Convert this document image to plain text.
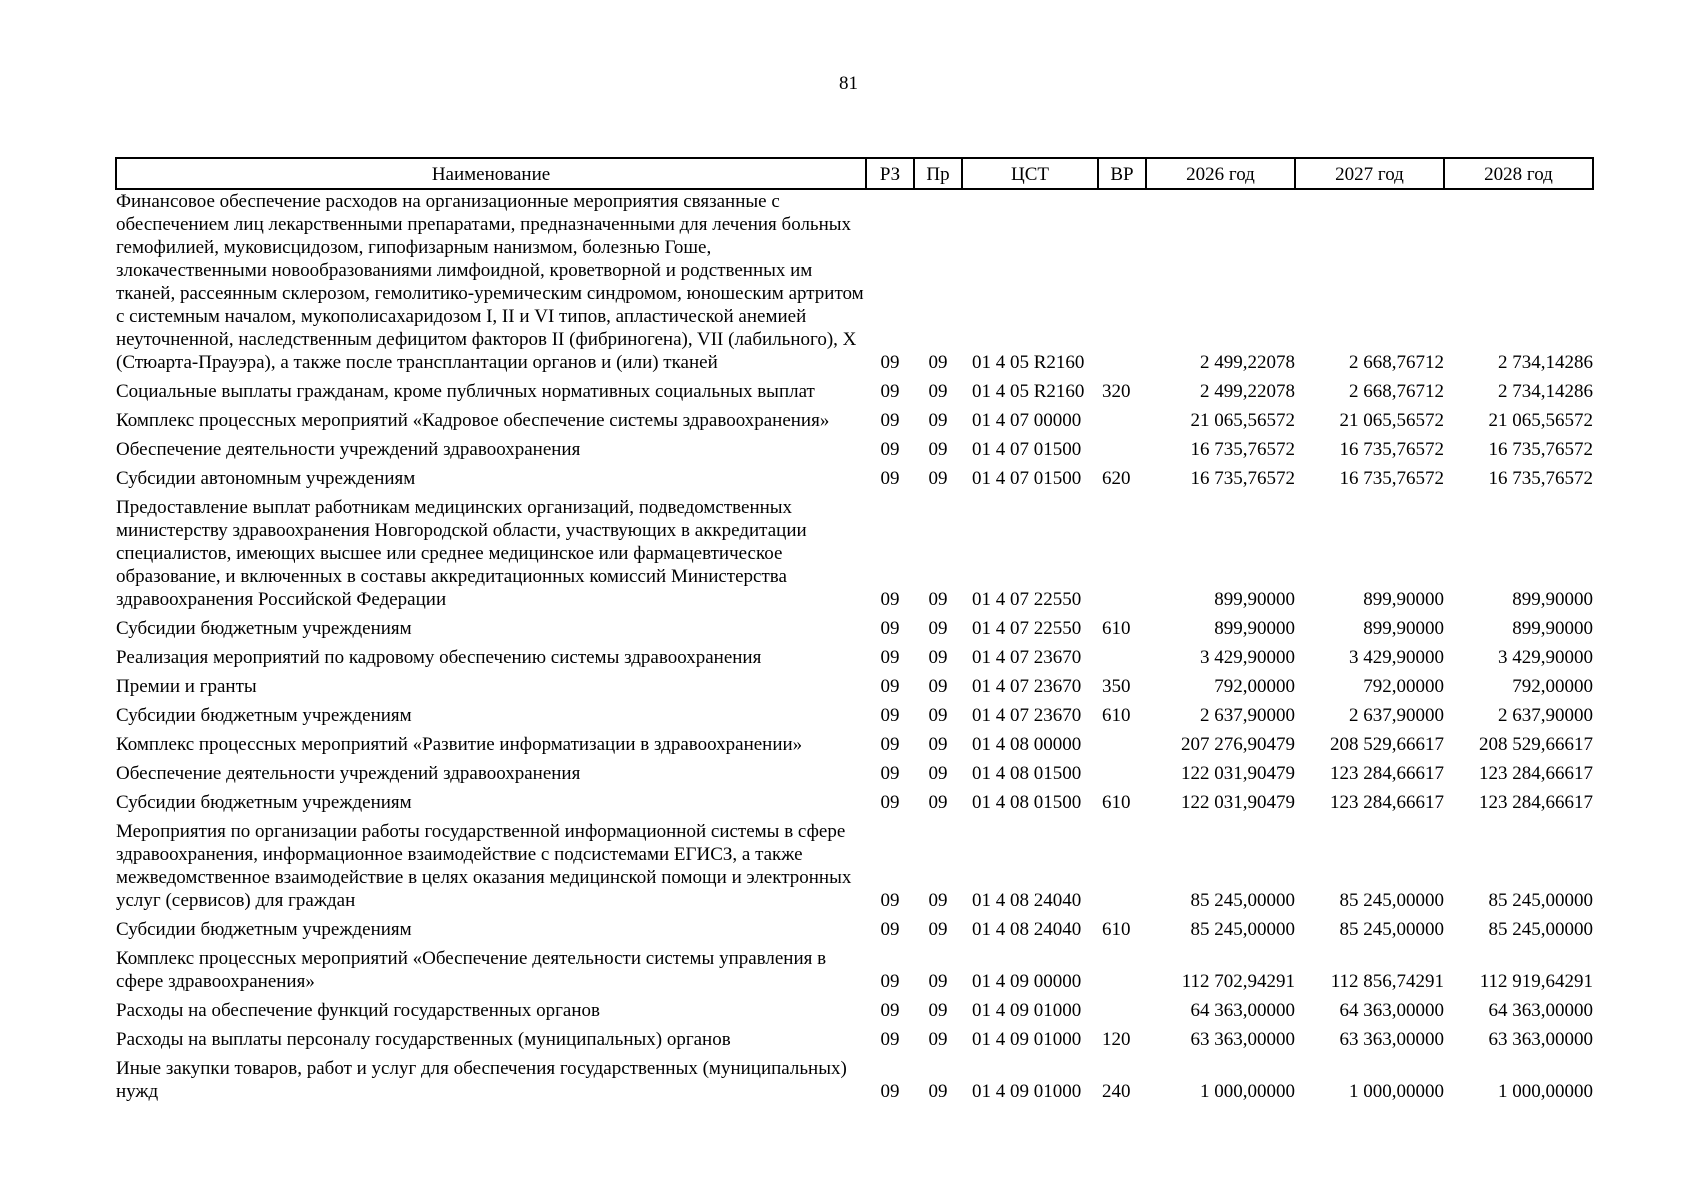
81
Наименование	РЗ	Пр	ЦСТ	ВР	2026 год	2027 год	2028 год
Финансовое обеспечение расходов на организационные мероприятия связанные с обеспечением лиц лекарственными препаратами, предназначенными для лечения больных гемофилией, муковисцидозом, гипофизарным нанизмом, болезнью Гоше, злокачественными новообразованиями лимфоидной, кроветворной и родственных им тканей, рассеянным склерозом, гемолитико-уремическим синдромом, юношеским артритом с системным началом, мукополисахаридозом I, II и VI типов, апластической анемией неуточненной, наследственным дефицитом факторов II (фибриногена), VII (лабильного), X (Стюарта-Прауэра), а также после трансплантации органов и (или) тканей	09	09	01 4 05 R2160		2 499,22078	2 668,76712	2 734,14286
Социальные выплаты гражданам, кроме публичных нормативных социальных выплат	09	09	01 4 05 R2160	320	2 499,22078	2 668,76712	2 734,14286
Комплекс процессных мероприятий «Кадровое обеспечение системы здравоохранения»	09	09	01 4 07 00000		21 065,56572	21 065,56572	21 065,56572
Обеспечение деятельности учреждений здравоохранения	09	09	01 4 07 01500		16 735,76572	16 735,76572	16 735,76572
Субсидии автономным учреждениям	09	09	01 4 07 01500	620	16 735,76572	16 735,76572	16 735,76572
Предоставление выплат работникам медицинских организаций, подведомственных министерству здравоохранения Новгородской области, участвующих в аккредитации специалистов, имеющих высшее или среднее медицинское или фармацевтическое образование, и включенных в составы аккредитационных комиссий Министерства здравоохранения Российской Федерации	09	09	01 4 07 22550		899,90000	899,90000	899,90000
Субсидии бюджетным учреждениям	09	09	01 4 07 22550	610	899,90000	899,90000	899,90000
Реализация мероприятий по кадровому обеспечению системы здравоохранения	09	09	01 4 07 23670		3 429,90000	3 429,90000	3 429,90000
Премии и гранты	09	09	01 4 07 23670	350	792,00000	792,00000	792,00000
Субсидии бюджетным учреждениям	09	09	01 4 07 23670	610	2 637,90000	2 637,90000	2 637,90000
Комплекс процессных мероприятий «Развитие информатизации в здравоохранении»	09	09	01 4 08 00000		207 276,90479	208 529,66617	208 529,66617
Обеспечение деятельности учреждений здравоохранения	09	09	01 4 08 01500		122 031,90479	123 284,66617	123 284,66617
Субсидии бюджетным учреждениям	09	09	01 4 08 01500	610	122 031,90479	123 284,66617	123 284,66617
Мероприятия по организации работы государственной информационной системы в сфере здравоохранения, информационное взаимодействие с подсистемами ЕГИСЗ, а также межведомственное взаимодействие в целях оказания медицинской помощи и электронных услуг (сервисов) для граждан	09	09	01 4 08 24040		85 245,00000	85 245,00000	85 245,00000
Субсидии бюджетным учреждениям	09	09	01 4 08 24040	610	85 245,00000	85 245,00000	85 245,00000
Комплекс процессных мероприятий «Обеспечение деятельности системы управления в сфере здравоохранения»	09	09	01 4 09 00000		112 702,94291	112 856,74291	112 919,64291
Расходы на обеспечение функций государственных органов	09	09	01 4 09 01000		64 363,00000	64 363,00000	64 363,00000
Расходы на выплаты персоналу государственных (муниципальных) органов	09	09	01 4 09 01000	120	63 363,00000	63 363,00000	63 363,00000
Иные закупки товаров, работ и услуг для обеспечения государственных (муниципальных) нужд	09	09	01 4 09 01000	240	1 000,00000	1 000,00000	1 000,00000
